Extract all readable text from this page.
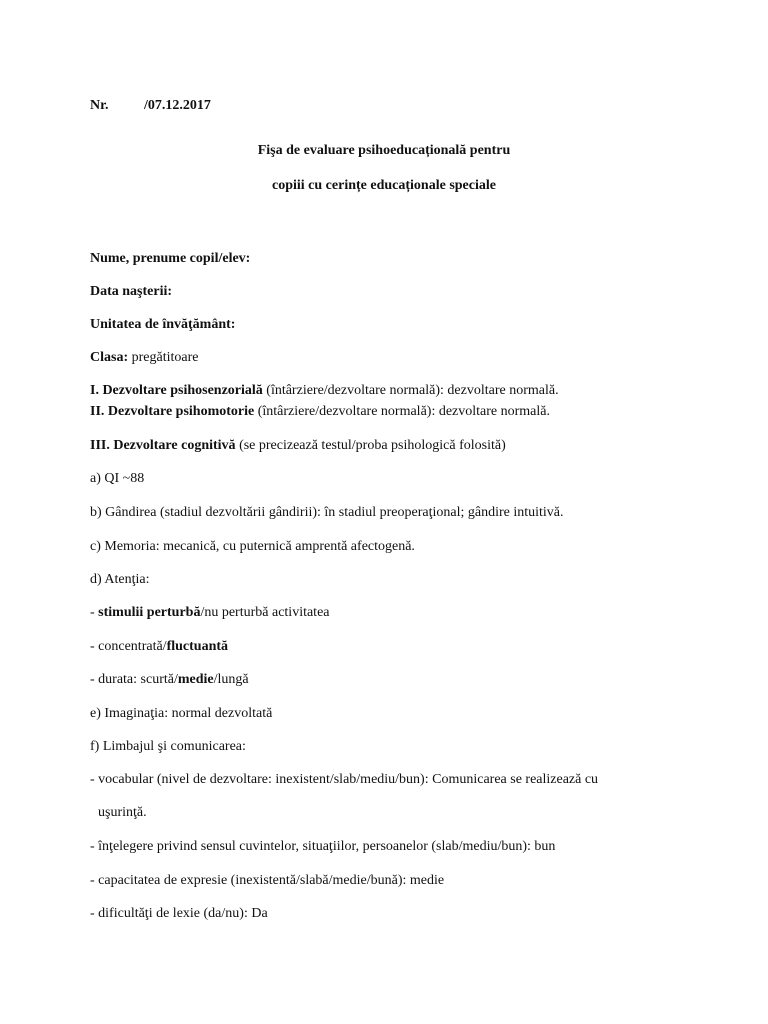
Nr.	/07.12.2017
Fişa de evaluare psihoeducațională pentru
copiii cu cerințe educaționale speciale
Nume, prenume copil/elev:
Data naşterii:
Unitatea de învăţământ:
Clasa: pregătitoare
I. Dezvoltare psihosenzorială (întârziere/dezvoltare normală): dezvoltare normală.
II. Dezvoltare psihomotorie (întârziere/dezvoltare normală): dezvoltare normală.
III. Dezvoltare cognitivă (se precizează testul/proba psihologică folosită)
a) QI ~88
b) Gândirea (stadiul dezvoltării gândirii): în stadiul preoperaţional; gândire intuitivă.
c) Memoria: mecanică, cu puternică amprentă afectogenă.
d) Atenţia:
- stimulii perturbă/nu perturbă activitatea
- concentrată/fluctuantă
- durata: scurtă/medie/lungă
e) Imaginaţia: normal dezvoltată
f) Limbajul şi comunicarea:
- vocabular (nivel de dezvoltare: inexistent/slab/mediu/bun): Comunicarea se realizează cu
uşurinţă.
- înţelegere privind sensul cuvintelor, situaţiilor, persoanelor (slab/mediu/bun): bun
- capacitatea de expresie (inexistentă/slabă/medie/bună): medie
- dificultăţi de lexie (da/nu): Da
